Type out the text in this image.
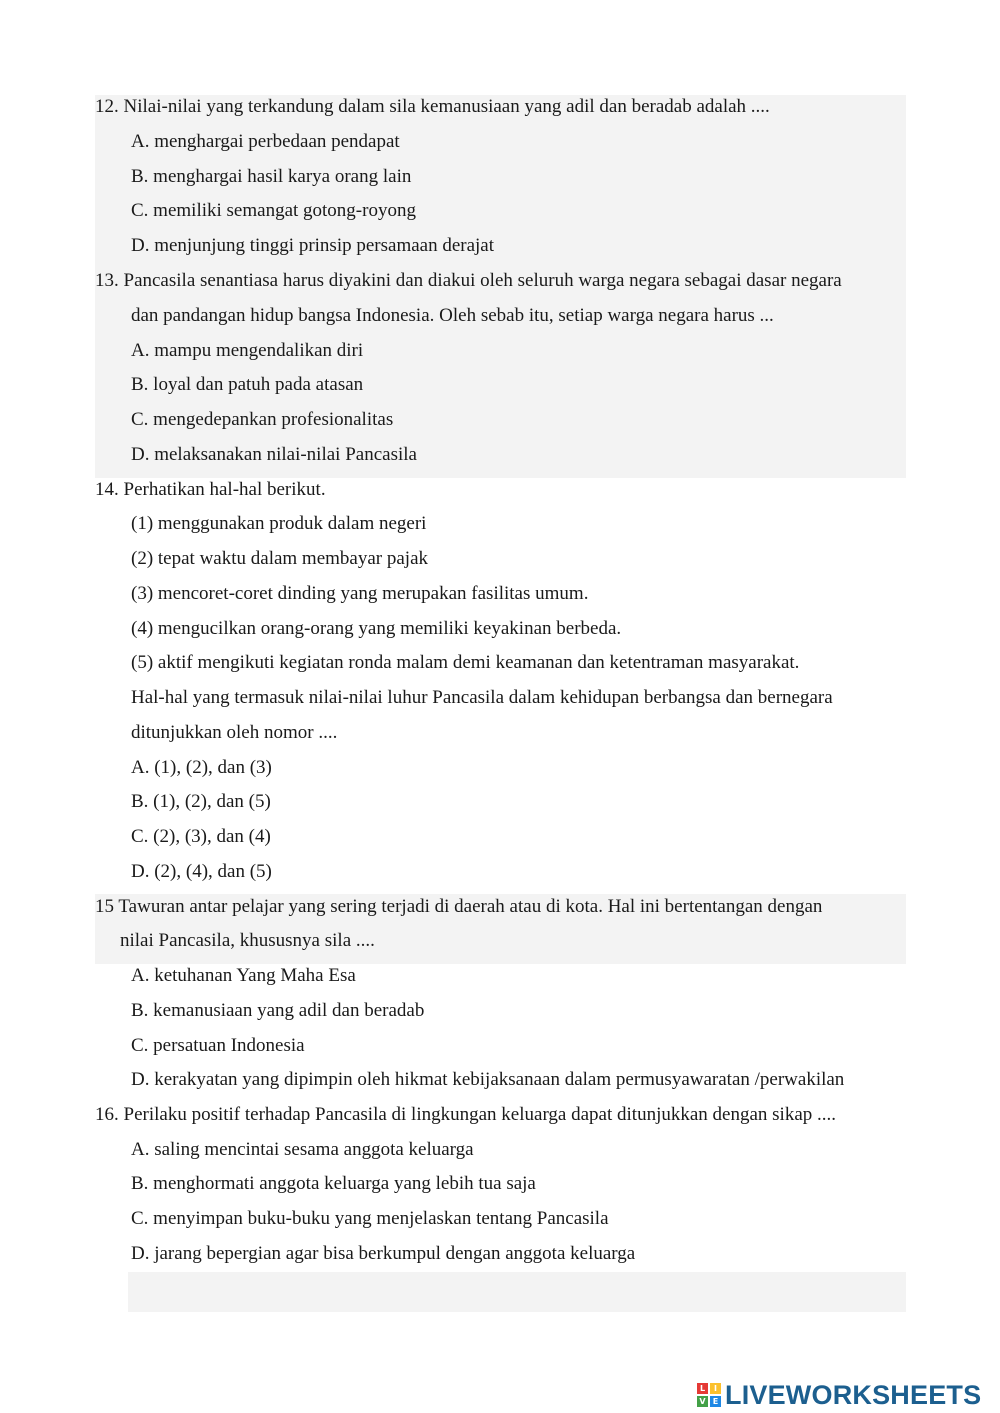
12. Nilai-nilai yang terkandung dalam sila kemanusiaan yang adil dan beradab adalah ....
A. menghargai perbedaan pendapat
B. menghargai hasil karya orang lain
C. memiliki semangat gotong-royong
D. menjunjung tinggi prinsip persamaan derajat
13. Pancasila senantiasa harus diyakini dan diakui oleh seluruh warga negara sebagai dasar negara
dan pandangan hidup bangsa Indonesia. Oleh sebab itu, setiap warga negara harus ...
A. mampu mengendalikan diri
B. loyal dan patuh pada atasan
C. mengedepankan profesionalitas
D. melaksanakan nilai-nilai Pancasila
14. Perhatikan hal-hal berikut.
(1) menggunakan produk dalam negeri
(2) tepat waktu dalam membayar pajak
(3) mencoret-coret dinding yang merupakan fasilitas umum.
(4) mengucilkan orang-orang yang memiliki keyakinan berbeda.
(5) aktif mengikuti kegiatan ronda malam demi keamanan dan ketentraman masyarakat.
Hal-hal yang termasuk nilai-nilai luhur Pancasila dalam kehidupan berbangsa dan bernegara
ditunjukkan oleh nomor ....
A. (1), (2), dan (3)
B. (1), (2), dan (5)
C. (2), (3), dan (4)
D. (2), (4), dan (5)
15 Tawuran antar pelajar yang sering terjadi di daerah atau di kota. Hal ini bertentangan dengan
nilai Pancasila, khususnya sila ....
A. ketuhanan Yang Maha Esa
B. kemanusiaan yang adil dan beradab
C. persatuan Indonesia
D. kerakyatan yang dipimpin oleh hikmat kebijaksanaan dalam permusyawaratan /perwakilan
16. Perilaku positif terhadap Pancasila di lingkungan keluarga dapat ditunjukkan dengan sikap ....
A. saling mencintai sesama anggota keluarga
B. menghormati anggota keluarga yang lebih tua saja
C. menyimpan buku-buku yang menjelaskan tentang Pancasila
D. jarang bepergian agar bisa berkumpul dengan anggota keluarga
L	I
V E LIVEWORKSHEETS
